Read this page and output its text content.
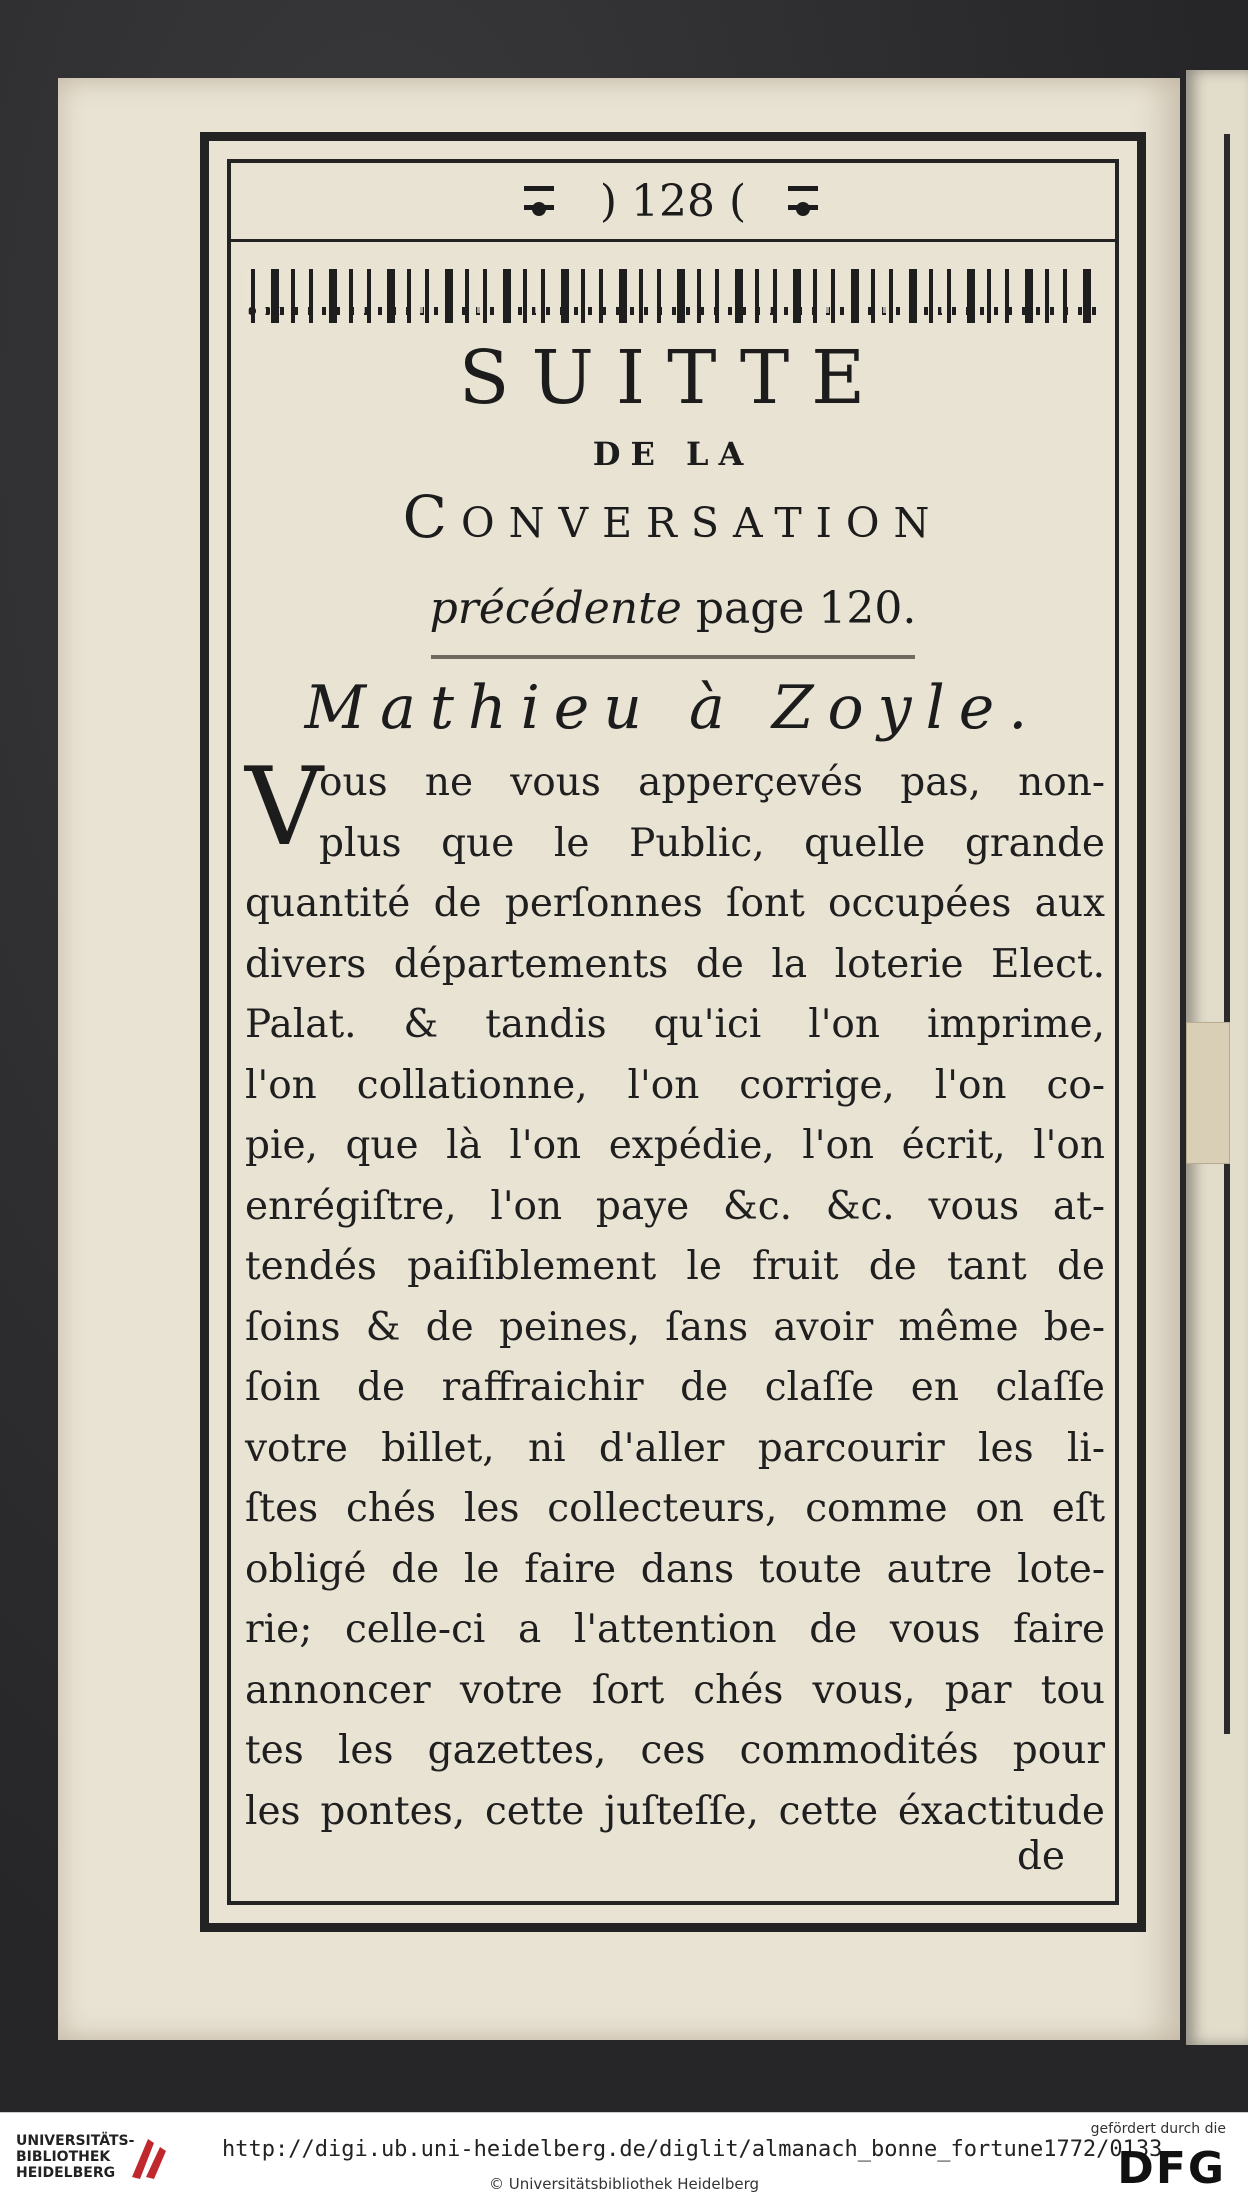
) 128 (
SUITTE
DE LA
Conversation
précédente page 120.
Mathieu à Zoyle.
V
ous ne vous apperçevés pas, non-
plus que le Public, quelle grande
quantité de perſonnes ſont occupées aux
divers départements de la loterie Elect.
Palat. & tandis qu'ici l'on imprime,
l'on collationne, l'on corrige, l'on co-
pie, que là l'on expédie, l'on écrit, l'on
enrégiſtre, l'on paye &c. &c. vous at-
tendés paiſiblement le fruit de tant de
ſoins & de peines, ſans avoir même be-
ſoin de raffraichir de claſſe en claſſe
votre billet, ni d'aller parcourir les li-
ſtes chés les collecteurs, comme on eſt
obligé de le faire dans toute autre lote-
rie; celle-ci a l'attention de vous faire
annoncer votre ſort chés vous, par tou
tes les gazettes, ces commodités pour
les pontes, cette juſteſſe, cette éxactitude
de
UNIVERSITÄTS-
BIBLIOTHEK
HEIDELBERG
http://digi.ub.uni-heidelberg.de/diglit/almanach_bonne_fortune1772/0133
© Universitätsbibliothek Heidelberg
gefördert durch die
DFG
